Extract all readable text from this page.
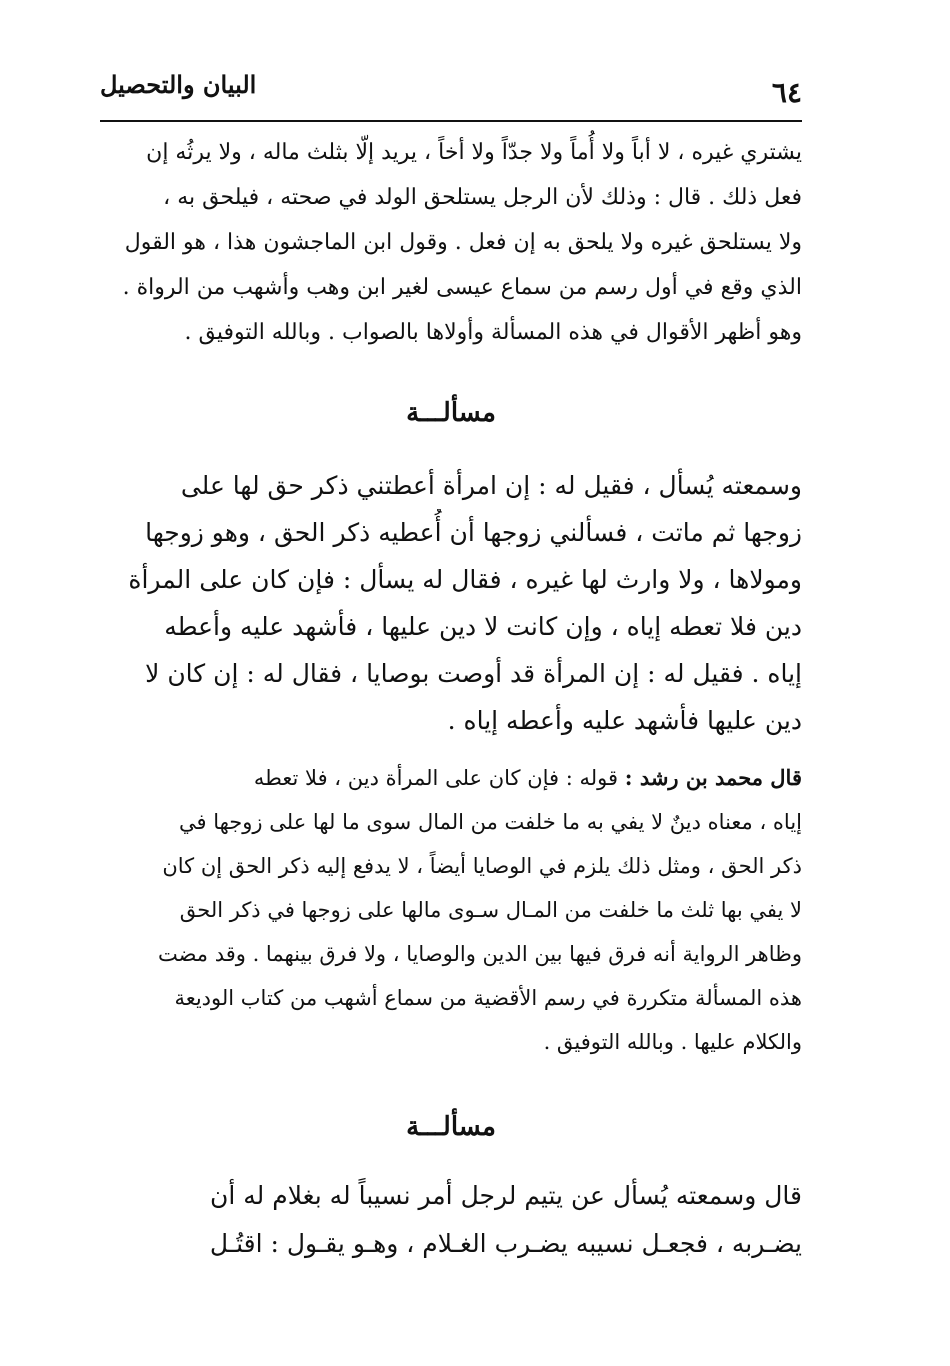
البيان والتحصيل	٦٤
يشتري غيره ، لا أباً ولا أُماً ولا جدّاً ولا أخاً ، يريد إلّا بثلث ماله ، ولا يرثُه إن
فعل ذلك . قال : وذلك لأن الرجل يستلحق الولد في صحته ، فيلحق به ،
ولا يستلحق غيره ولا يلحق به إن فعل . وقول ابن الماجشون هذا ، هو القول
الذي وقع في أول رسم من سماع عيسى لغير ابن وهب وأشهب من الرواة .
وهو أظهر الأقوال في هذه المسألة وأولاها بالصواب . وبالله التوفيق .
مسألـــة
وسمعته يُسأل ، فقيل له : إن امرأة أعطتني ذكر حق لها على
زوجها ثم ماتت ، فسألني زوجها أن أُعطيه ذكر الحق ، وهو زوجها
ومولاها ، ولا وارث لها غيره ، فقال له يسأل : فإن كان على المرأة
دين فلا تعطه إياه ، وإن كانت لا دين عليها ، فأشهد عليه وأعطه
إياه . فقيل له : إن المرأة قد أوصت بوصايا ، فقال له : إن كان لا
دين عليها فأشهد عليه وأعطه إياه .
قال محمد بن رشد : قوله : فإن كان على المرأة دين ، فلا تعطه
إياه ، معناه دينٌ لا يفي به ما خلفت من المال سوى ما لها على زوجها في
ذكر الحق ، ومثل ذلك يلزم في الوصايا أيضاً ، لا يدفع إليه ذكر الحق إن كان
لا يفي بها ثلث ما خلفت من المـال سـوى مالها على زوجها في ذكر الحق
وظاهر الرواية أنه فرق فيها بين الدين والوصايا ، ولا فرق بينهما . وقد مضت
هذه المسألة متكررة في رسم الأقضية من سماع أشهب من كتاب الوديعة
والكلام عليها . وبالله التوفيق .
مسألـــة
قال وسمعته يُسأل عن يتيم لرجل أمر نسيباً له بغلام له أن
يضـربه ، فجعـل نسيبه يضـرب الغـلام ، وهـو يقـول : اقتُـل
